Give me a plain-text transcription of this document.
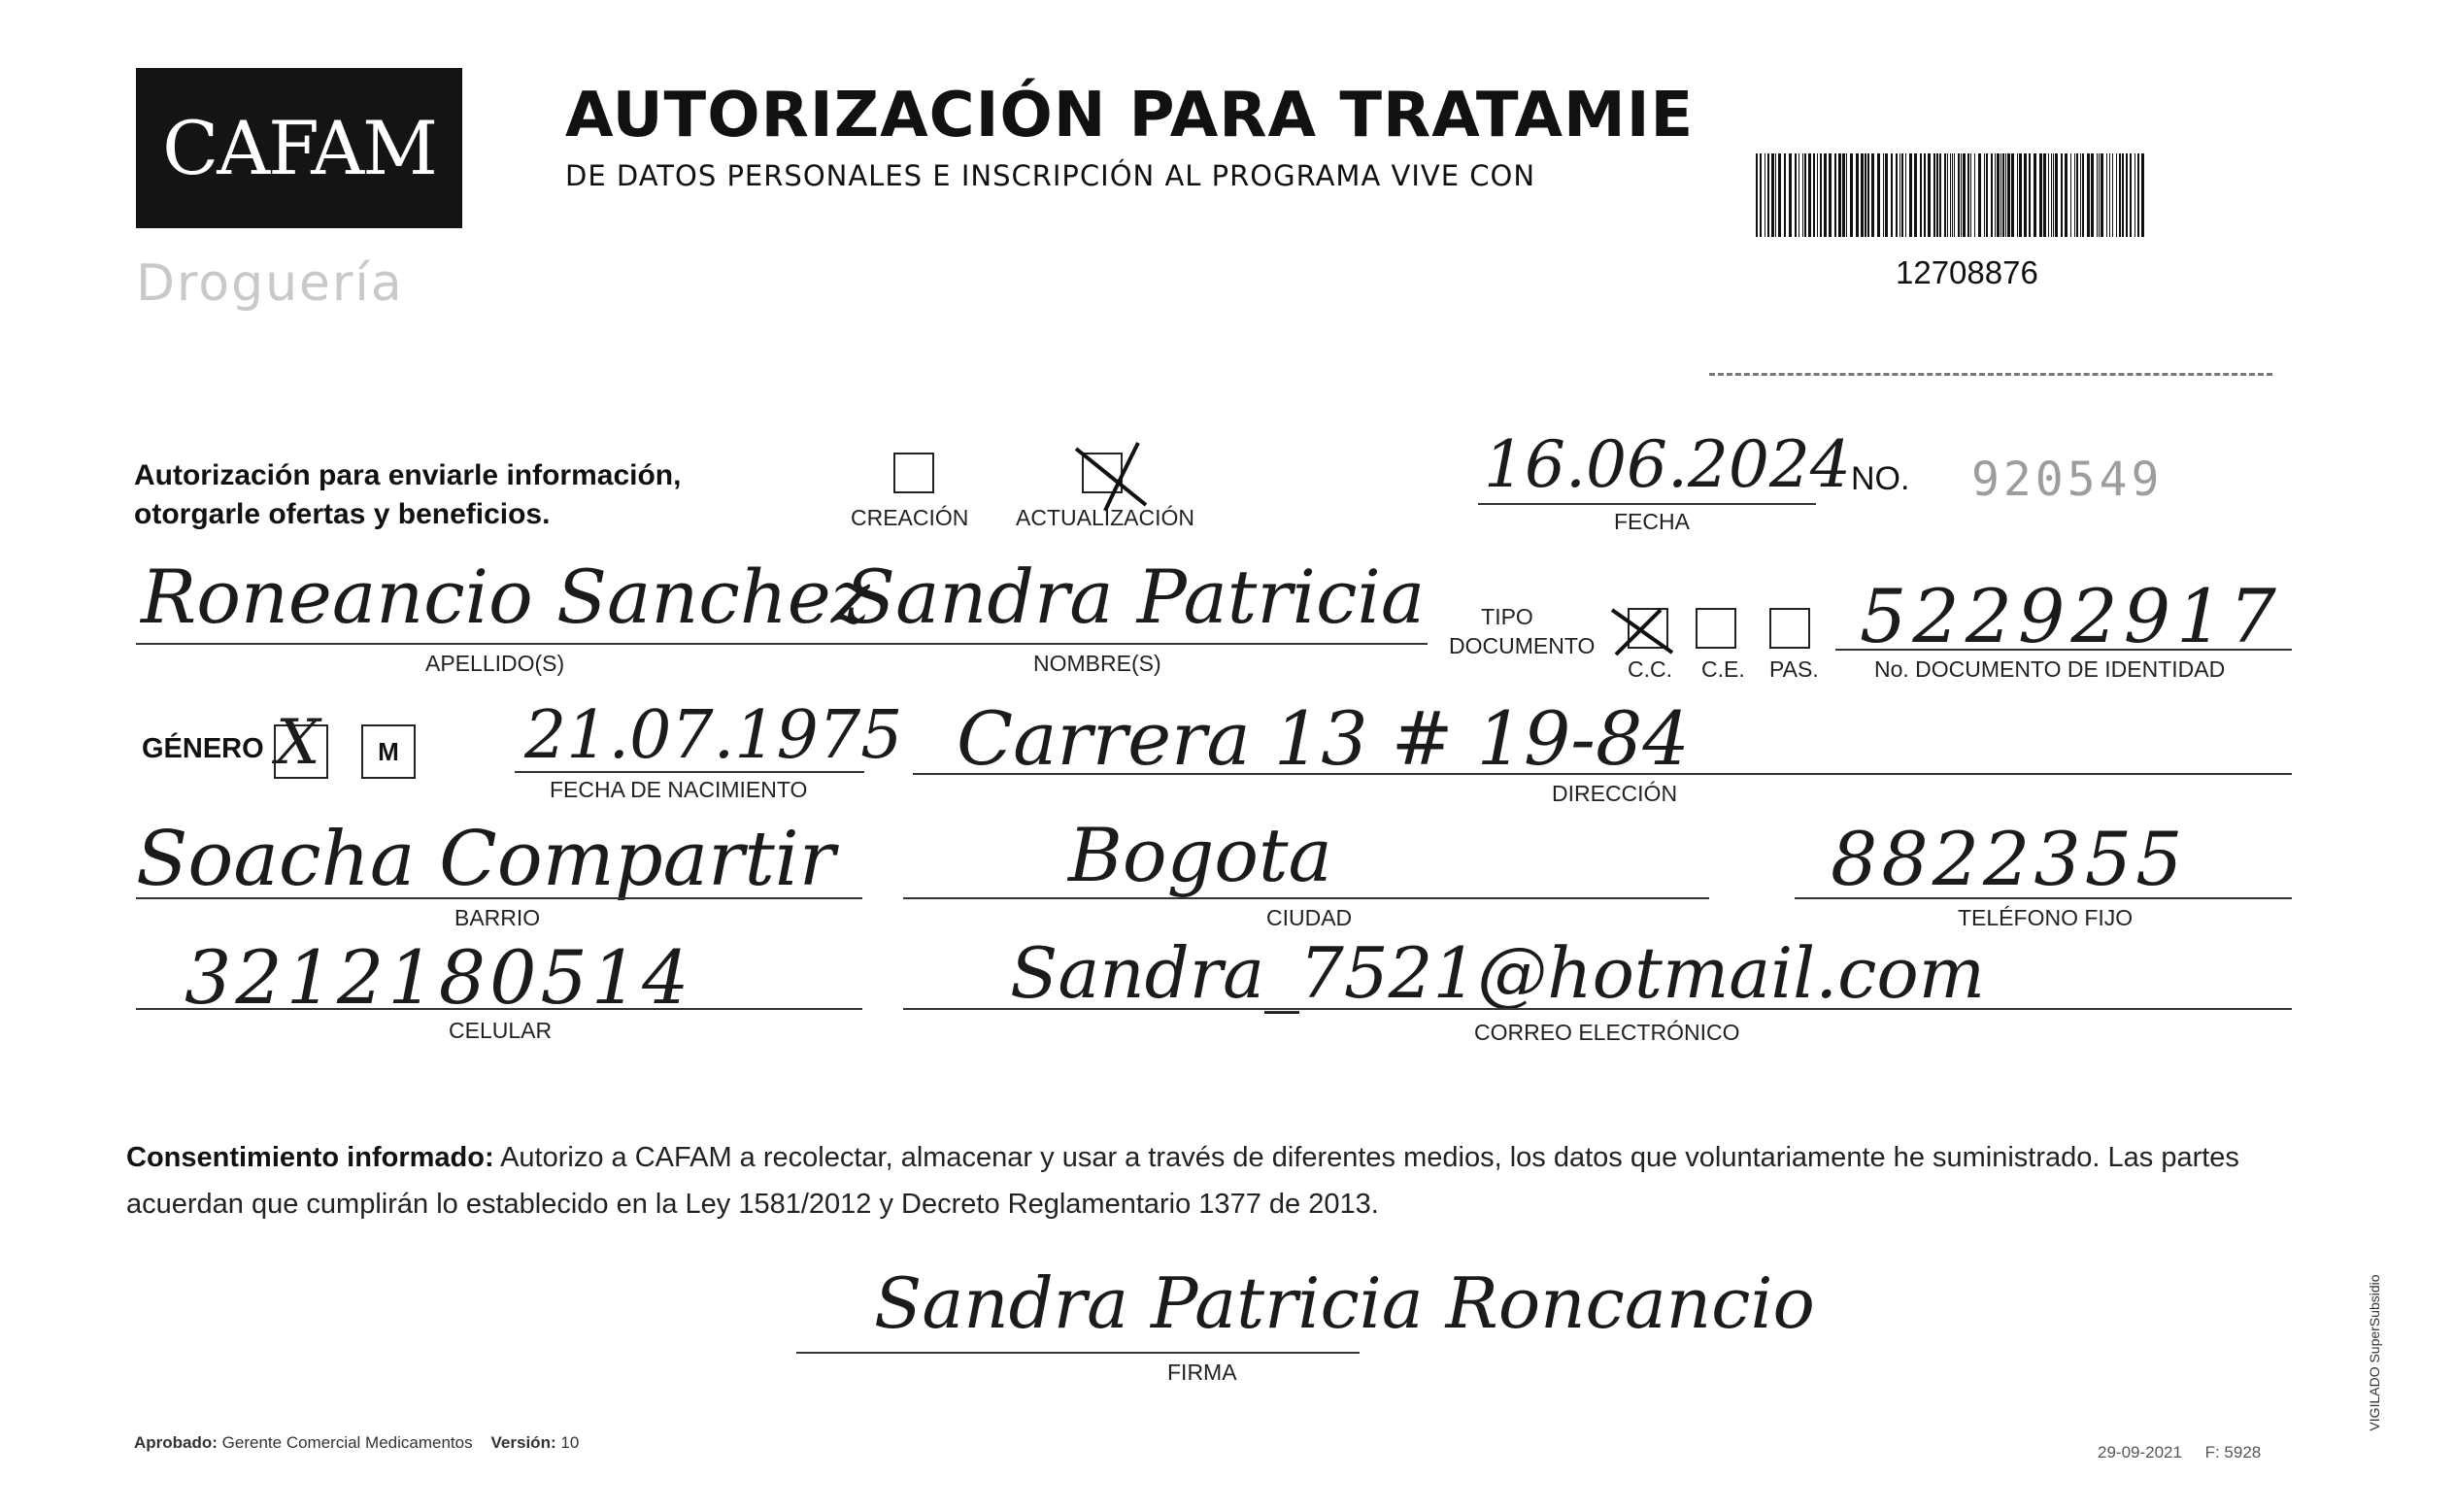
CAFAM
Droguería
AUTORIZACIÓN PARA TRATAMIE
DE DATOS PERSONALES E INSCRIPCIÓN AL PROGRAMA VIVE CON
12708876
Autorización para enviarle información,
otorgarle ofertas y beneficios.	CREACIÓN ACTUALIZACIÓN
16.06.2024
FECHA
NO. 920549
Roneancio Sanchez
APELLIDO(S)
Sandra Patricia
NOMBRE(S)
TIPO DOCUMENTO
C.C. C.E. PAS.
52292917
No. DOCUMENTO DE IDENTIDAD
GÉNERO X	M 21.07.1975
FECHA DE NACIMIENTO
Carrera 13 # 19-84
DIRECCIÓN
Soacha Compartir
BARRIO
Bogota
CIUDAD
8822355
TELÉFONO FIJO
3212180514
CELULAR
Sandra_7521@hotmail.com
CORREO ELECTRÓNICO
Consentimiento informado: Autorizo a CAFAM a recolectar, almacenar y usar a través de diferentes medios, los datos que voluntariamente he suministrado. Las partes acuerdan que cumplirán lo establecido en la Ley 1581/2012 y Decreto Reglamentario 1377 de 2013.
Sandra Patricia Roncancio
FIRMA
Aprobado: Gerente Comercial Medicamentos Versión: 10
29-09-2021 F: 5928
VIGILADO SuperSubsidio
